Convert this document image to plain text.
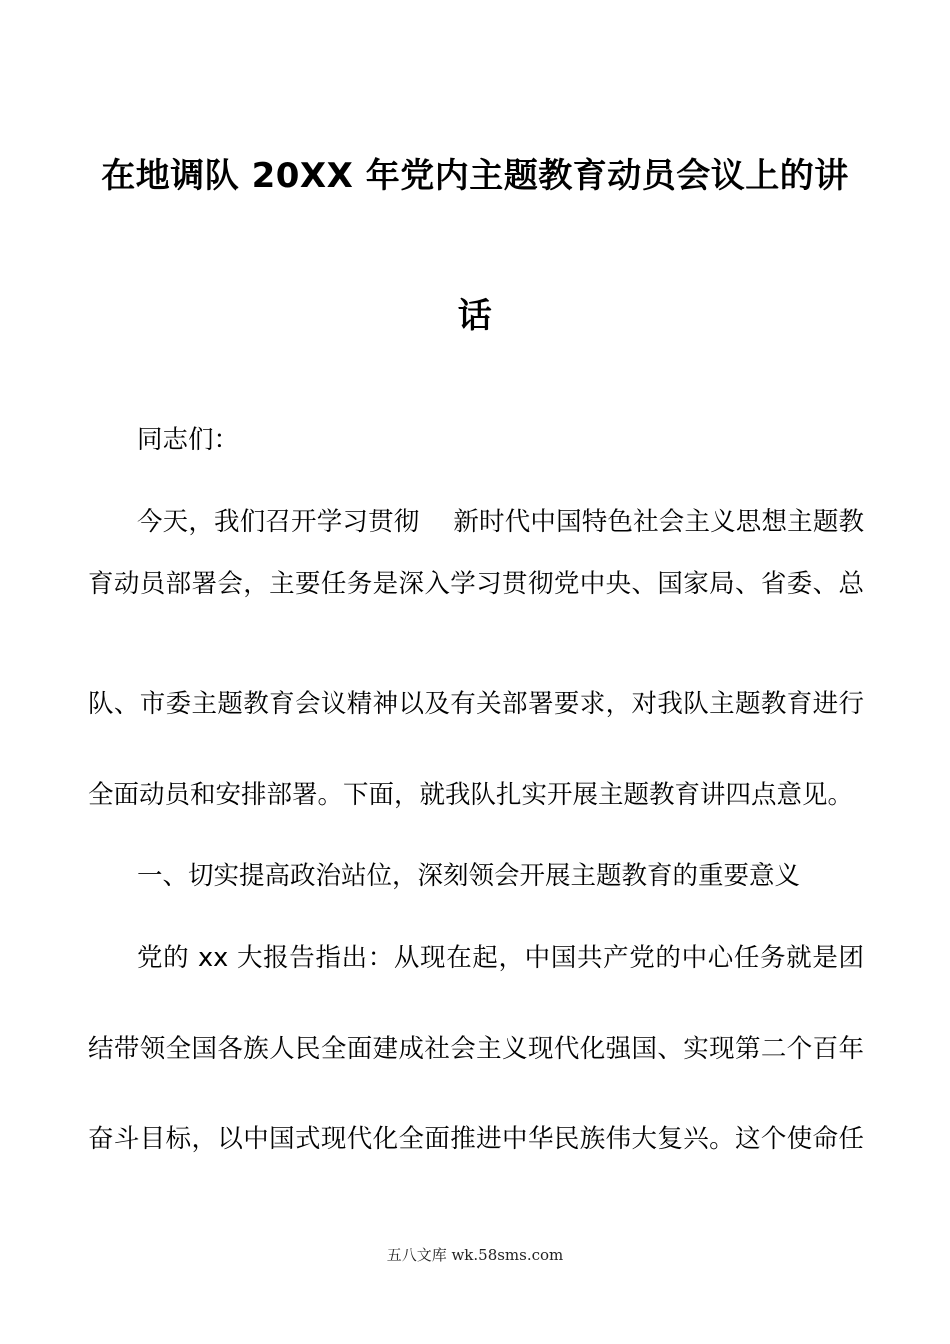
在地调队 20XX 年党内主题教育动员会议上的讲
话
同志们：
今天，我们召开学习贯彻　 新时代中国特色社会主义思想主题教
育动员部署会，主要任务是深入学习贯彻党中央、国家局、省委、总
队、市委主题教育会议精神以及有关部署要求，对我队主题教育进行
全面动员和安排部署。下面，就我队扎实开展主题教育讲四点意见。
一、切实提高政治站位，深刻领会开展主题教育的重要意义
党的 xx 大报告指出：从现在起，中国共产党的中心任务就是团
结带领全国各族人民全面建成社会主义现代化强国、实现第二个百年
奋斗目标，以中国式现代化全面推进中华民族伟大复兴。这个使命任
五八文库 wk.58sms.com
